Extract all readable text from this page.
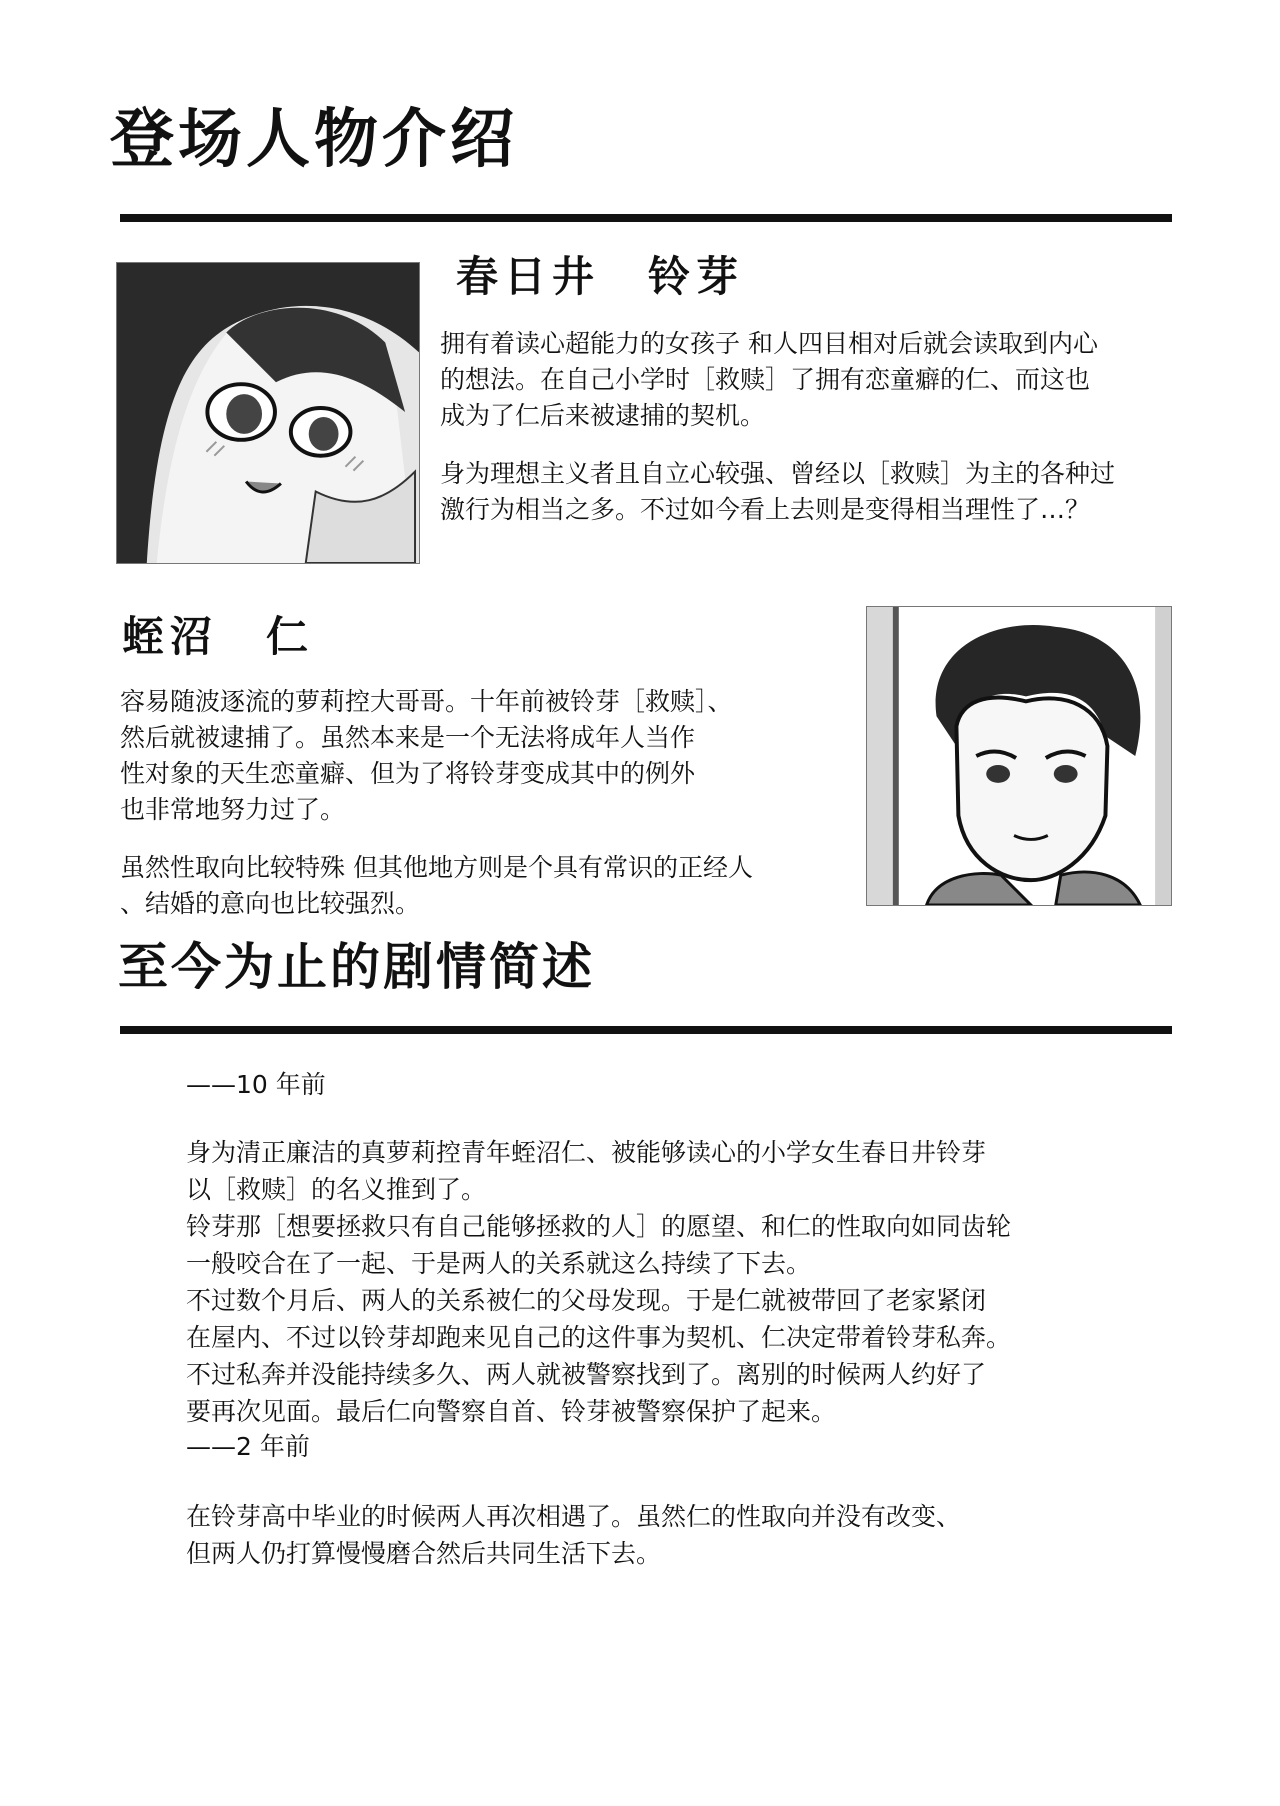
登场人物介绍
春日井　铃芽

拥有着读心超能力的女孩子 和人四目相对后就会读取到内心

的想法。在自己小学时［救赎］了拥有恋童癖的仁、而这也

成为了仁后来被逮捕的契机。

身为理想主义者且自立心较强、曾经以［救赎］为主的各种过

激行为相当之多。不过如今看上去则是变得相当理性了…？

蛭沼　仁

容易随波逐流的萝莉控大哥哥。十年前被铃芽［救赎］、

然后就被逮捕了。虽然本来是一个无法将成年人当作

性对象的天生恋童癖、但为了将铃芽变成其中的例外

也非常地努力过了。

虽然性取向比较特殊 但其他地方则是个具有常识的正经人

、结婚的意向也比较强烈。

至今为止的剧情简述
——10 年前

身为清正廉洁的真萝莉控青年蛭沼仁、被能够读心的小学女生春日井铃芽

以［救赎］的名义推到了。

铃芽那［想要拯救只有自己能够拯救的人］的愿望、和仁的性取向如同齿轮

一般咬合在了一起、于是两人的关系就这么持续了下去。

不过数个月后、两人的关系被仁的父母发现。于是仁就被带回了老家紧闭

在屋内、不过以铃芽却跑来见自己的这件事为契机、仁决定带着铃芽私奔。

不过私奔并没能持续多久、两人就被警察找到了。离别的时候两人约好了

要再次见面。最后仁向警察自首、铃芽被警察保护了起来。

——2 年前

在铃芽高中毕业的时候两人再次相遇了。虽然仁的性取向并没有改变、

但两人仍打算慢慢磨合然后共同生活下去。
